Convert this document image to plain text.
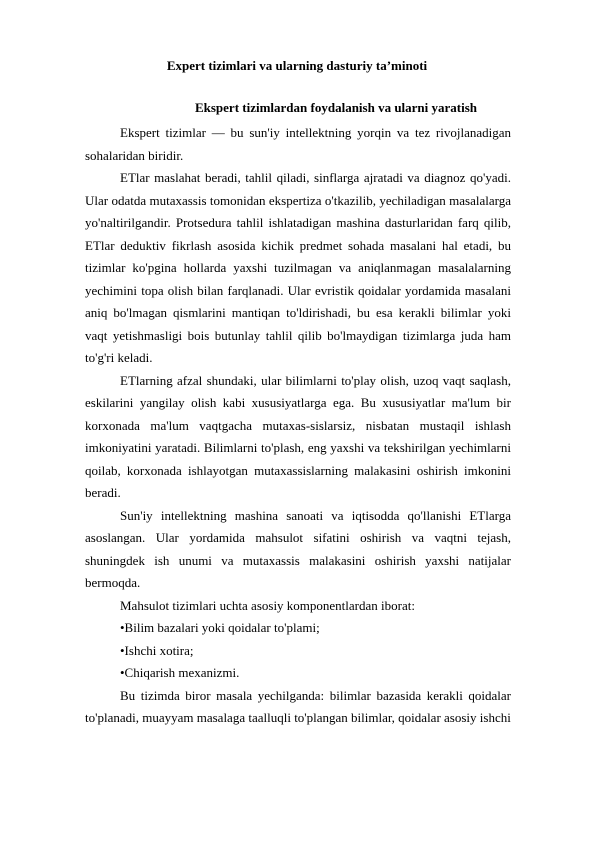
Expert tizimlari va ularning dasturiy ta’minoti
Ekspert tizimlardan foydalanish va ularni yaratish

Ekspert tizimlar — bu sun'iy intellektning yorqin va tez rivojlanadigan sohalaridan biridir.

ETlar maslahat beradi, tahlil qiladi, sinflarga ajratadi va diagnoz qo'yadi. Ular odatda mutaxassis tomonidan ekspertiza o'tkazilib, yechiladigan masalalarga yo'naltirilgandir. Protsedura tahlil ishlatadigan mashina dasturlaridan farq qilib, ETlar deduktiv fikrlash asosida kichik predmet sohada masalani hal etadi, bu tizimlar ko'pgina hollarda yaxshi tuzilmagan va aniqlanmagan masalalarning yechimini topa olish bilan farqlanadi. Ular evristik qoidalar yordamida masalani aniq bo'lmagan qismlarini mantiqan to'ldirishadi, bu esa kerakli bilimlar yoki vaqt yetishmasligi bois butunlay tahlil qilib bo'lmaydigan tizimlarga juda ham to'g'ri keladi.

ETlarning afzal shundaki, ular bilimlarni to'play olish, uzoq vaqt saqlash, eskilarini yangilay olish kabi xususiyatlarga ega. Bu xususiyatlar ma'lum bir korxonada ma'lum vaqtgacha mutaxas-sislarsiz, nisbatan mustaqil ishlash imkoniyatini yaratadi. Bilimlarni to'plash, eng yaxshi va tekshirilgan yechimlarni qoilab, korxonada ishlayotgan mutaxassislarning malakasini oshirish imkonini beradi.

Sun'iy intellektning mashina sanoati va iqtisodda qo'llanishi ETlarga asoslangan. Ular yordamida mahsulot sifatini oshirish va vaqtni tejash, shuningdek ish unumi va mutaxassis malakasini oshirish yaxshi natijalar bermoqda.

Mahsulot tizimlari uchta asosiy komponentlardan iborat:

•Bilim bazalari yoki qoidalar to'plami;

•Ishchi xotira;

•Chiqarish mexanizmi.

Bu tizimda biror masala yechilganda: bilimlar bazasida kerakli qoidalar to'planadi, muayyam masalaga taalluqli to'plangan bilimlar, qoidalar asosiy ishchi
